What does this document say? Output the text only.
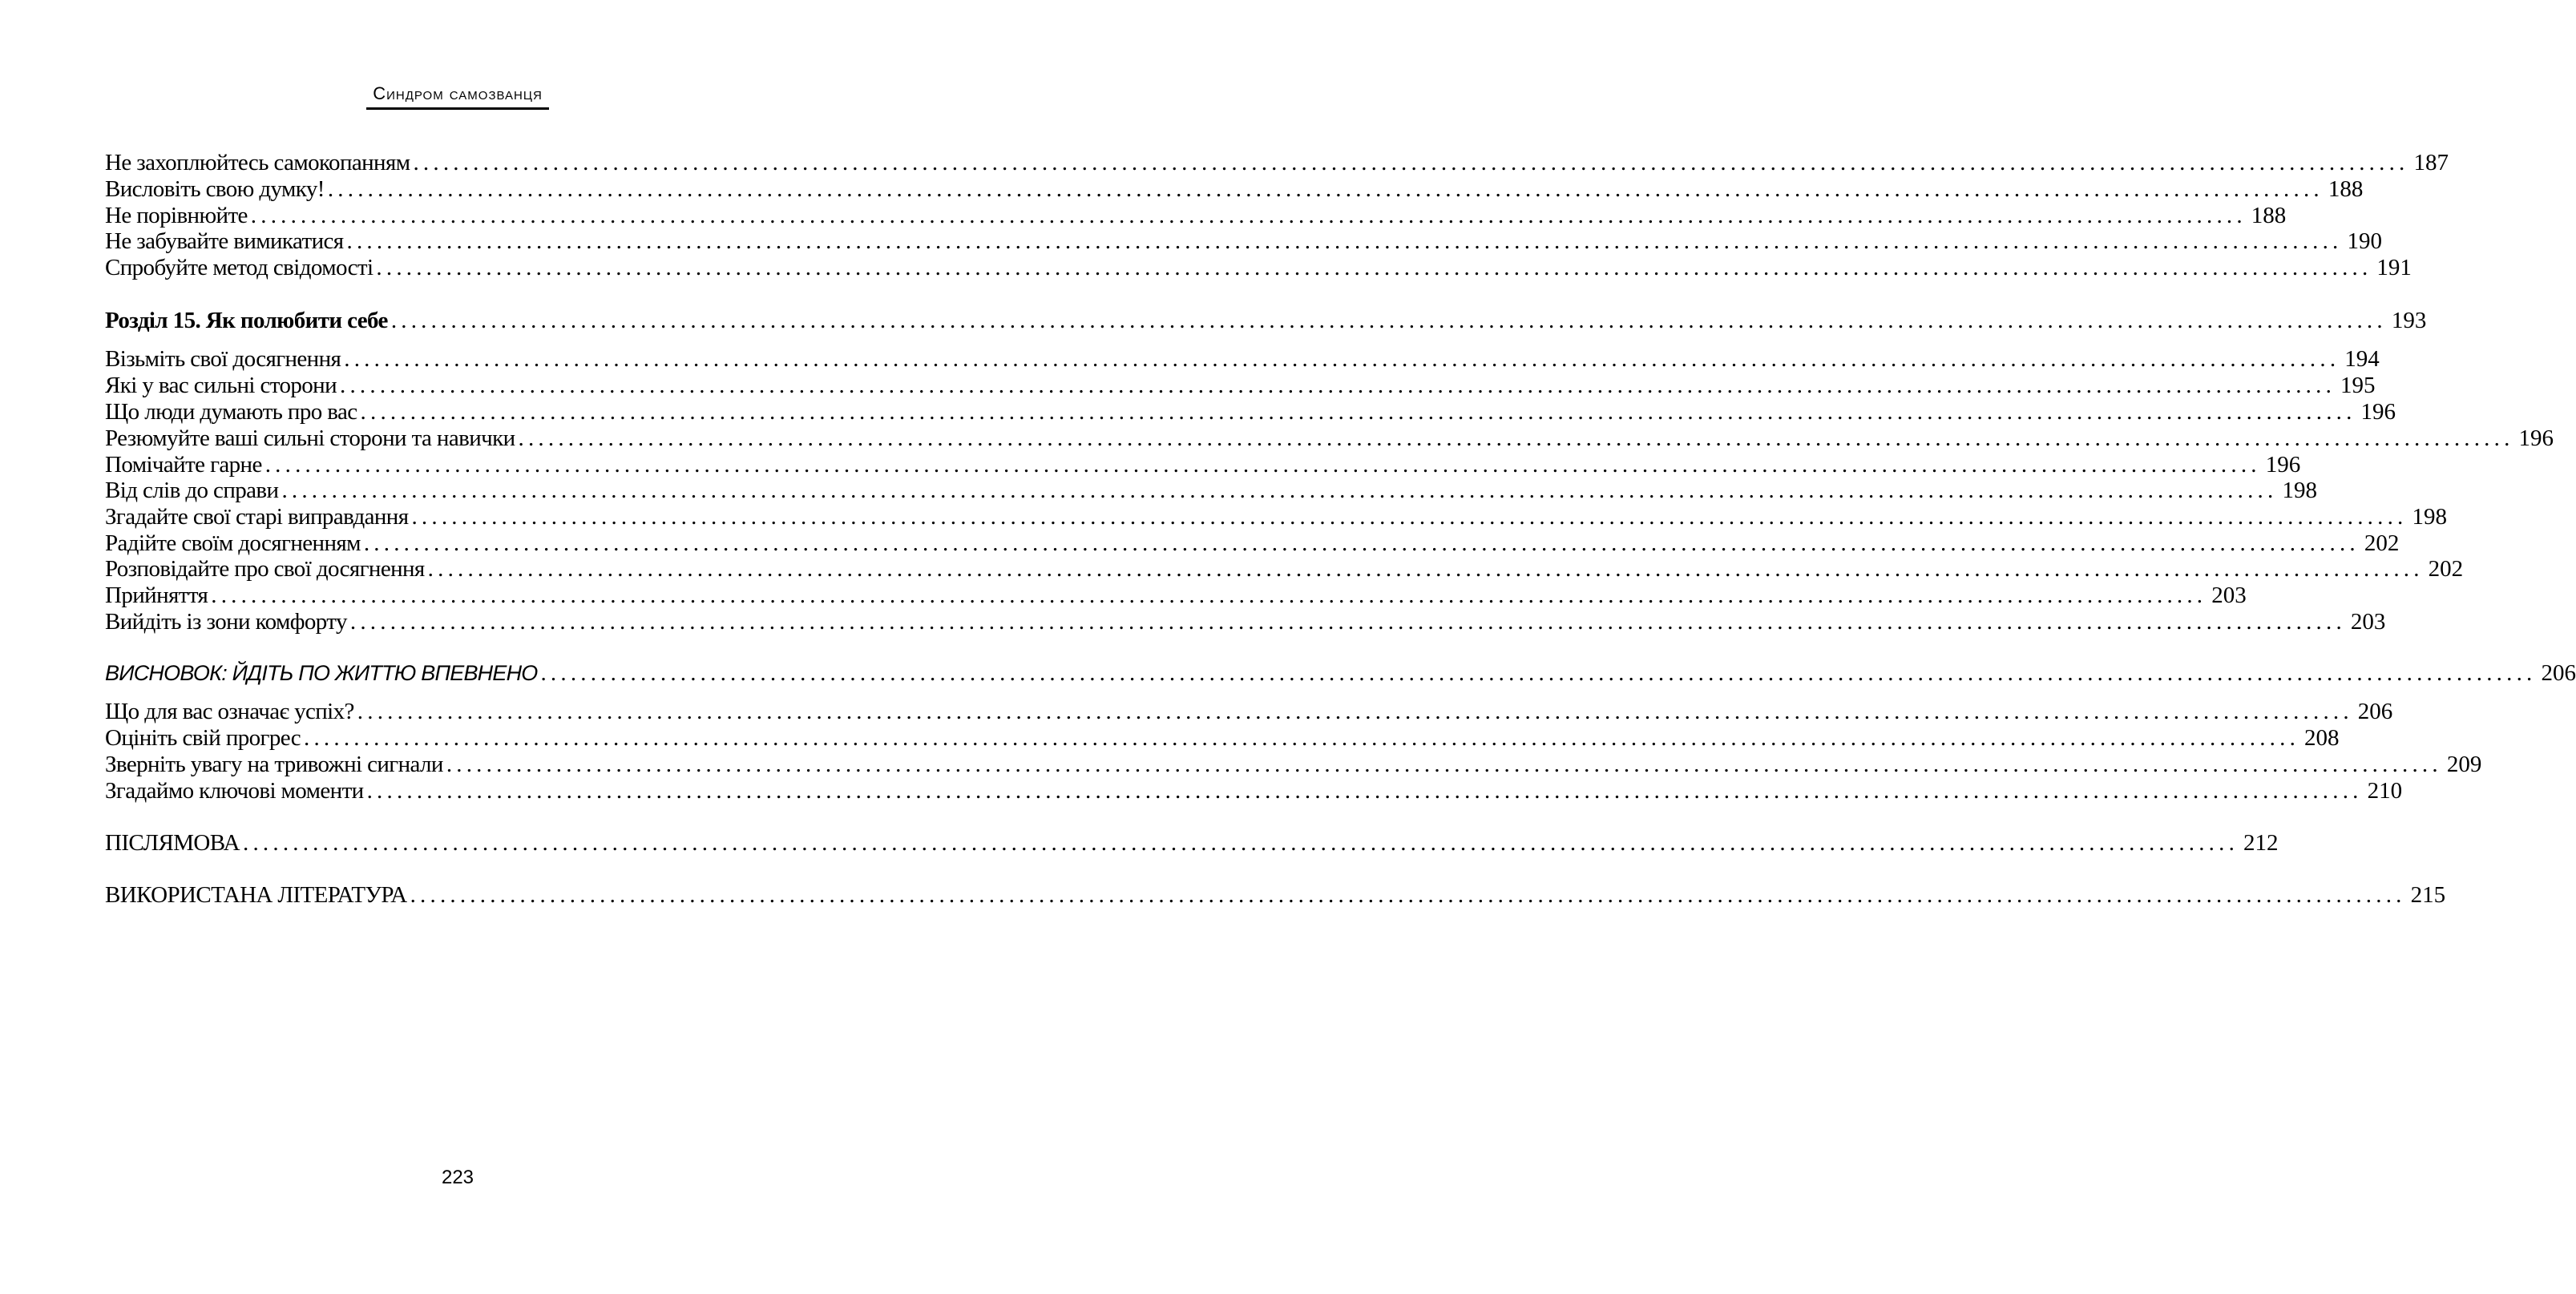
Синдром самозванця
Не захоплюйтесь самокопанням ........................................................................................................................................................................................................ 187
Висловіть свою думку! ........................................................................................................................................................................................................ 188
Не порівнюйте ........................................................................................................................................................................................................ 188
Не забувайте вимикатися ........................................................................................................................................................................................................ 190
Спробуйте метод свідомості ........................................................................................................................................................................................................ 191
Розділ 15. Як полюбити себе ........................................................................................................................................................................................................ 193
Візьміть свої досягнення ........................................................................................................................................................................................................ 194
Які у вас сильні сторони ........................................................................................................................................................................................................ 195
Що люди думають про вас ........................................................................................................................................................................................................ 196
Резюмуйте ваші сильні сторони та навички ........................................................................................................................................................................................................ 196
Помічайте гарне ........................................................................................................................................................................................................ 196
Від слів до справи ........................................................................................................................................................................................................ 198
Згадайте свої старі виправдання ........................................................................................................................................................................................................ 198
Радійте своїм досягненням ........................................................................................................................................................................................................ 202
Розповідайте про свої досягнення ........................................................................................................................................................................................................ 202
Прийняття ........................................................................................................................................................................................................ 203
Вийдіть із зони комфорту ........................................................................................................................................................................................................ 203
ВИСНОВОК: ЙДІТЬ ПО ЖИТТЮ ВПЕВНЕНО ........................................................................................................................................................................................................ 206
Що для вас означає успіх? ........................................................................................................................................................................................................ 206
Оцініть свій прогрес ........................................................................................................................................................................................................ 208
Зверніть увагу на тривожні сигнали ........................................................................................................................................................................................................ 209
Згадаймо ключові моменти ........................................................................................................................................................................................................ 210
ПІСЛЯМОВА ........................................................................................................................................................................................................ 212
ВИКОРИСТАНА ЛІТЕРАТУРА ........................................................................................................................................................................................................ 215
223
